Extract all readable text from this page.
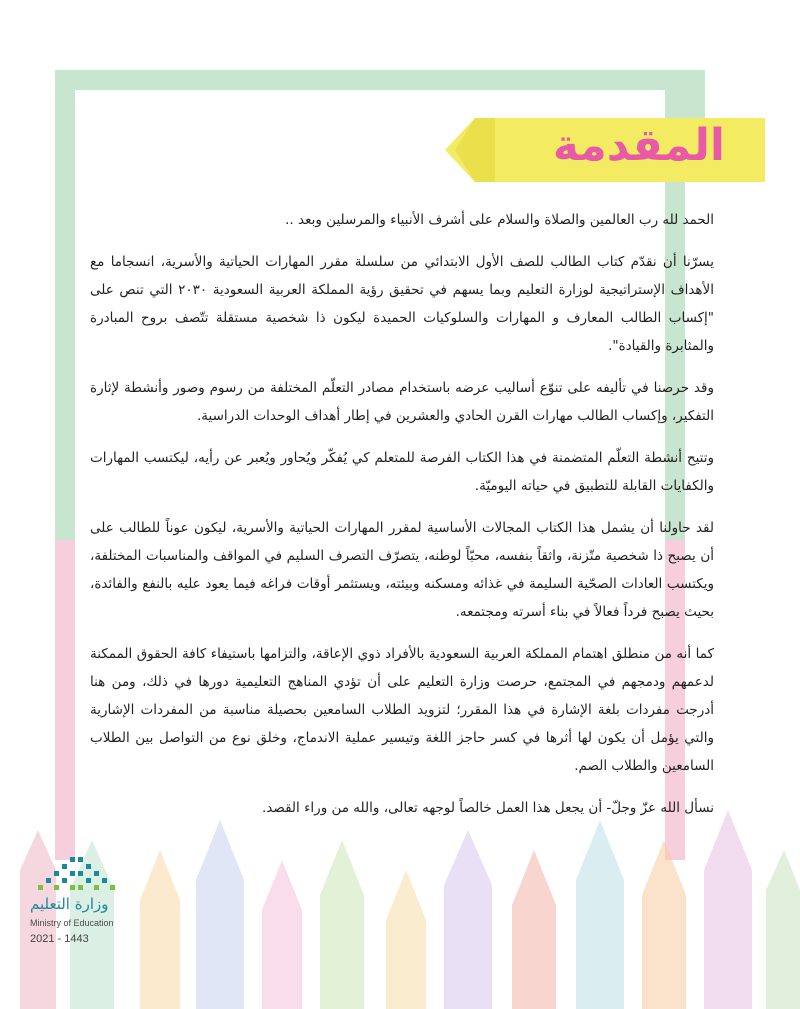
المقدمة

الحمد لله رب العالمين والصلاة والسلام على أشرف الأنبياء والمرسلين وبعد ..

يسرّنا أن نقدّم كتاب الطالب للصف الأول الابتدائي من سلسلة مقرر المهارات الحياتية والأسرية، انسجاما مع الأهداف الإستراتيجية لوزارة التعليم وبما يسهم في تحقيق رؤية المملكة العربية السعودية ٢٠٣٠ التي تنص على "إكساب الطالب المعارف و المهارات والسلوكيات الحميدة ليكون ذا شخصية مستقلة تتّصف بروح المبادرة والمثابرة والقيادة".

وقد حرصنا في تأليفه على تنوّع أساليب عرضه باستخدام مصادر التعلّم المختلفة من رسوم وصور وأنشطة لإثارة التفكير، وإكساب الطالب مهارات القرن الحادي والعشرين في إطار أهداف الوحدات الدراسية.

وتتيح أنشطة التعلّم المتضمنة في هذا الكتاب الفرصة للمتعلم كي يُفكّر ويُحاور ويُعبر عن رأيه، ليكتسب المهارات والكفايات القابلة للتطبيق في حياته اليوميّة.

لقد حاولنا أن يشمل هذا الكتاب المجالات الأساسية لمقرر المهارات الحياتية والأسرية، ليكون عوناً للطالب على أن يصبح ذا شخصية متّزنة، واثقاً بنفسه، محبّاً لوطنه، يتصرّف التصرف السليم في المواقف والمناسبات المختلفة، ويكتسب العادات الصحّية السليمة في غذائه ومسكنه وبيئته، ويستثمر أوقات فراغه فيما يعود عليه بالنفع والفائدة، بحيث يصبح فرداً فعالاً في بناء أسرته ومجتمعه.

كما أنه من منطلق اهتمام المملكة العربية السعودية بالأفراد ذوي الإعاقة، والتزامها باستيفاء كافة الحقوق الممكنة لدعمهم ودمجهم في المجتمع، حرصت وزارة التعليم على أن تؤدي المناهج التعليمية دورها في ذلك، ومن هنا أدرجت مفردات بلغة الإشارة في هذا المقرر؛ لتزويد الطلاب السامعين بحصيلة مناسبة من المفردات الإشارية والتي يؤمل أن يكون لها أثرها في كسر حاجز اللغة وتيسير عملية الاندماج، وخلق نوع من التواصل بين الطلاب السامعين والطلاب الصم.

نسأل الله عزّ وجلّ- أن يجعل هذا العمل خالصاً لوجهه تعالى، والله من وراء القصد.

وزارة التعليم
Ministry of Education
2021 - 1443
